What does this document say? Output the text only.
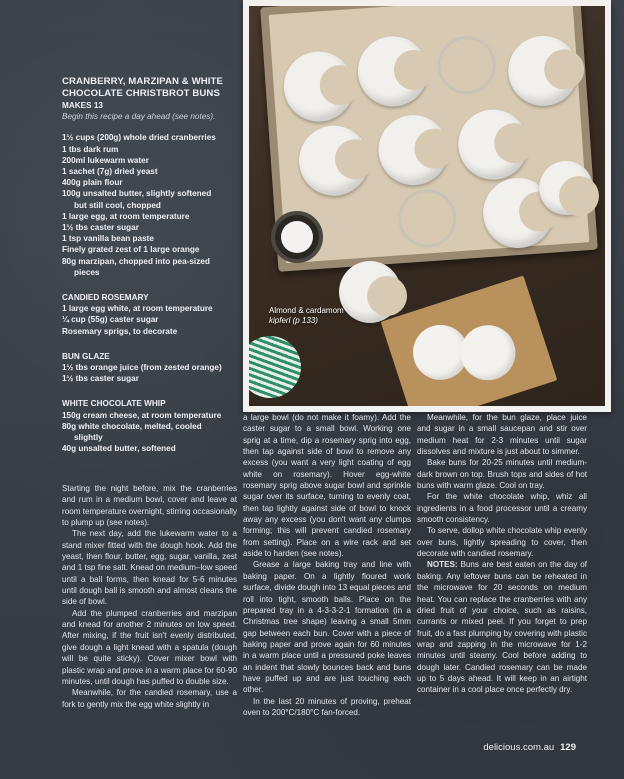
CRANBERRY, MARZIPAN & WHITE
CHOCOLATE CHRISTBROT BUNS
MAKES 13
Begin this recipe a day ahead (see notes).
1½ cups (200g) whole dried cranberries
1 tbs dark rum
200ml lukewarm water
1 sachet (7g) dried yeast
400g plain flour
100g unsalted butter, slightly softened
but still cool, chopped
1 large egg, at room temperature
1½ tbs caster sugar
1 tsp vanilla bean paste
Finely grated zest of 1 large orange
80g marzipan, chopped into pea-sized
pieces
CANDIED ROSEMARY
1 large egg white, at room temperature
¼ cup (55g) caster sugar
Rosemary sprigs, to decorate
BUN GLAZE
1½ tbs orange juice (from zested orange)
1½ tbs caster sugar
WHITE CHOCOLATE WHIP
150g cream cheese, at room temperature
80g white chocolate, melted, cooled
slightly
40g unsalted butter, softened
Almond & cardamom
kipferl (p 133)

Starting the night before, mix the cranberries and rum in a medium bowl, cover and leave at room temperature overnight, stirring occasionally to plump up (see notes).

The next day, add the lukewarm water to a stand mixer fitted with the dough hook. Add the yeast, then flour, butter, egg, sugar, vanilla, zest and 1 tsp fine salt. Knead on medium–low speed until a ball forms, then knead for 5-6 minutes until dough ball is smooth and almost cleans the side of bowl.

Add the plumped cranberries and marzipan and knead for another 2 minutes on low speed. After mixing, if the fruit isn't evenly distributed, give dough a light knead with a spatula (dough will be quite sticky). Cover mixer bowl with plastic wrap and prove in a warm place for 60-90 minutes, until dough has puffed to double size.

Meanwhile, for the candied rosemary, use a fork to gently mix the egg white slightly in

a large bowl (do not make it foamy). Add the caster sugar to a small bowl. Working one sprig at a time, dip a rosemary sprig into egg, then tap against side of bowl to remove any excess (you want a very light coating of egg white on rosemary). Hover egg-white rosemary sprig above sugar bowl and sprinkle sugar over its surface, turning to evenly coat, then tap lightly against side of bowl to knock away any excess (you don't want any clumps forming; this will prevent candied rosemary from setting). Place on a wire rack and set aside to harden (see notes).

Grease a large baking tray and line with baking paper. On a lightly floured work surface, divide dough into 13 equal pieces and roll into tight, smooth balls. Place on the prepared tray in a 4-3-3-2-1 formation (in a Christmas tree shape) leaving a small 5mm gap between each bun. Cover with a piece of baking paper and prove again for 60 minutes in a warm place until a pressured poke leaves an indent that slowly bounces back and buns have puffed up and are just touching each other.

In the last 20 minutes of proving, preheat oven to 200°C/180°C fan-forced.

Meanwhile, for the bun glaze, place juice and sugar in a small saucepan and stir over medium heat for 2-3 minutes until sugar dissolves and mixture is just about to simmer.

Bake buns for 20-25 minutes until medium-dark brown on top. Brush tops and sides of hot buns with warm glaze. Cool on tray.

For the white chocolate whip, whiz all ingredients in a food processor until a creamy smooth consistency.

To serve, dollop white chocolate whip evenly over buns, lightly spreading to cover, then decorate with candied rosemary.

NOTES: Buns are best eaten on the day of baking. Any leftover buns can be reheated in the microwave for 20 seconds on medium heat. You can replace the cranberries with any dried fruit of your choice, such as raisins, currants or mixed peel. If you forget to prep fruit, do a fast plumping by covering with plastic wrap and zapping in the microwave for 1-2 minutes until steamy. Cool before adding to dough later. Candied rosemary can be made up to 5 days ahead. It will keep in an airtight container in a cool place once perfectly dry.

delicious.com.au 129
